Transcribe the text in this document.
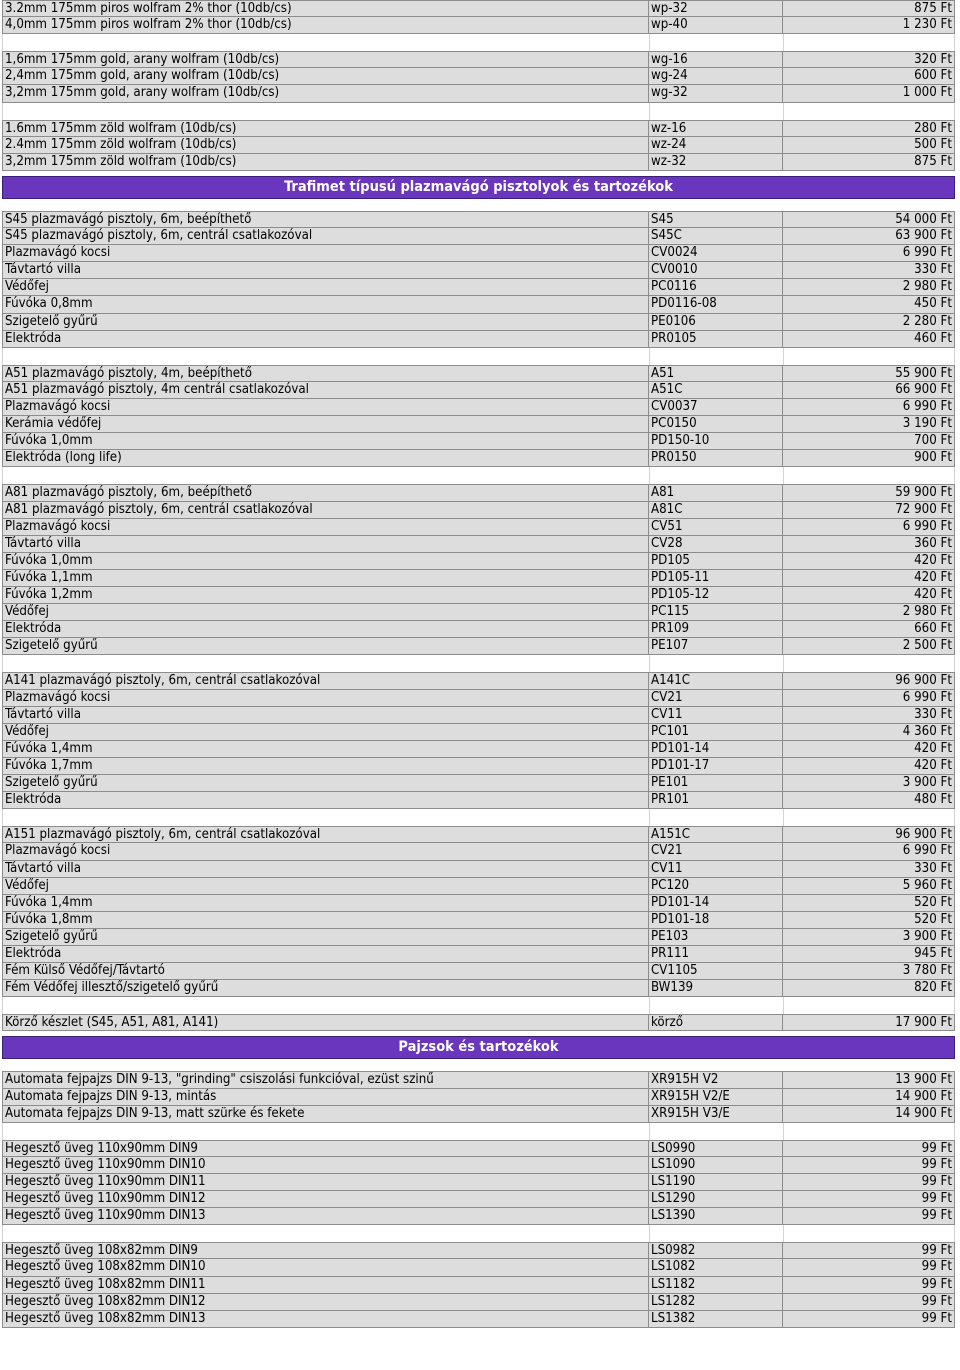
3.2mm 175mm piros wolfram 2% thor (10db/cs)	wp-32	875 Ft
4,0mm 175mm piros wolfram 2% thor (10db/cs)	wp-40	1 230 Ft
1,6mm 175mm gold, arany wolfram (10db/cs)	wg-16	320 Ft
2,4mm 175mm gold, arany wolfram (10db/cs)	wg-24	600 Ft
3,2mm 175mm gold, arany wolfram (10db/cs)	wg-32	1 000 Ft
1.6mm 175mm zöld wolfram (10db/cs)	wz-16	280 Ft
2.4mm 175mm zöld wolfram (10db/cs)	wz-24	500 Ft
3,2mm 175mm zöld wolfram (10db/cs)	wz-32	875 Ft
Trafimet típusú plazmavágó pisztolyok és tartozékok
S45 plazmavágó pisztoly, 6m, beépíthető	S45	54 000 Ft
S45 plazmavágó pisztoly, 6m, centrál csatlakozóval	S45C	63 900 Ft
Plazmavágó kocsi	CV0024	6 990 Ft
Távtartó villa	CV0010	330 Ft
Védőfej	PC0116	2 980 Ft
Fúvóka 0,8mm	PD0116-08	450 Ft
Szigetelő gyűrű	PE0106	2 280 Ft
Elektróda	PR0105	460 Ft
A51 plazmavágó pisztoly, 4m, beépíthető	A51	55 900 Ft
A51 plazmavágó pisztoly, 4m centrál csatlakozóval	A51C	66 900 Ft
Plazmavágó kocsi	CV0037	6 990 Ft
Kerámia védőfej	PC0150	3 190 Ft
Fúvóka 1,0mm	PD150-10	700 Ft
Elektróda (long life)	PR0150	900 Ft
A81 plazmavágó pisztoly, 6m, beépíthető	A81	59 900 Ft
A81 plazmavágó pisztoly, 6m, centrál csatlakozóval	A81C	72 900 Ft
Plazmavágó kocsi	CV51	6 990 Ft
Távtartó villa	CV28	360 Ft
Fúvóka 1,0mm	PD105	420 Ft
Fúvóka 1,1mm	PD105-11	420 Ft
Fúvóka 1,2mm	PD105-12	420 Ft
Védőfej	PC115	2 980 Ft
Elektróda	PR109	660 Ft
Szigetelő gyűrű	PE107	2 500 Ft
A141 plazmavágó pisztoly, 6m, centrál csatlakozóval	A141C	96 900 Ft
Plazmavágó kocsi	CV21	6 990 Ft
Távtartó villa	CV11	330 Ft
Védőfej	PC101	4 360 Ft
Fúvóka 1,4mm	PD101-14	420 Ft
Fúvóka 1,7mm	PD101-17	420 Ft
Szigetelő gyűrű	PE101	3 900 Ft
Elektróda	PR101	480 Ft
A151 plazmavágó pisztoly, 6m, centrál csatlakozóval	A151C	96 900 Ft
Plazmavágó kocsi	CV21	6 990 Ft
Távtartó villa	CV11	330 Ft
Védőfej	PC120	5 960 Ft
Fúvóka 1,4mm	PD101-14	520 Ft
Fúvóka 1,8mm	PD101-18	520 Ft
Szigetelő gyűrű	PE103	3 900 Ft
Elektróda	PR111	945 Ft
Fém Külső Védőfej/Távtartó	CV1105	3 780 Ft
Fém Védőfej illesztő/szigetelő gyűrű	BW139	820 Ft
Körző készlet (S45, A51, A81, A141)	körző	17 900 Ft
Pajzsok és tartozékok
Automata fejpajzs DIN 9-13, "grinding" csiszolási funkcióval, ezüst szinű	XR915H V2	13 900 Ft
Automata fejpajzs DIN 9-13, mintás	XR915H V2/E	14 900 Ft
Automata fejpajzs DIN 9-13, matt szürke és fekete	XR915H V3/E	14 900 Ft
Hegesztő üveg 110x90mm DIN9	LS0990	99 Ft
Hegesztő üveg 110x90mm DIN10	LS1090	99 Ft
Hegesztő üveg 110x90mm DIN11	LS1190	99 Ft
Hegesztő üveg 110x90mm DIN12	LS1290	99 Ft
Hegesztő üveg 110x90mm DIN13	LS1390	99 Ft
Hegesztő üveg 108x82mm DIN9	LS0982	99 Ft
Hegesztő üveg 108x82mm DIN10	LS1082	99 Ft
Hegesztő üveg 108x82mm DIN11	LS1182	99 Ft
Hegesztő üveg 108x82mm DIN12	LS1282	99 Ft
Hegesztő üveg 108x82mm DIN13	LS1382	99 Ft
